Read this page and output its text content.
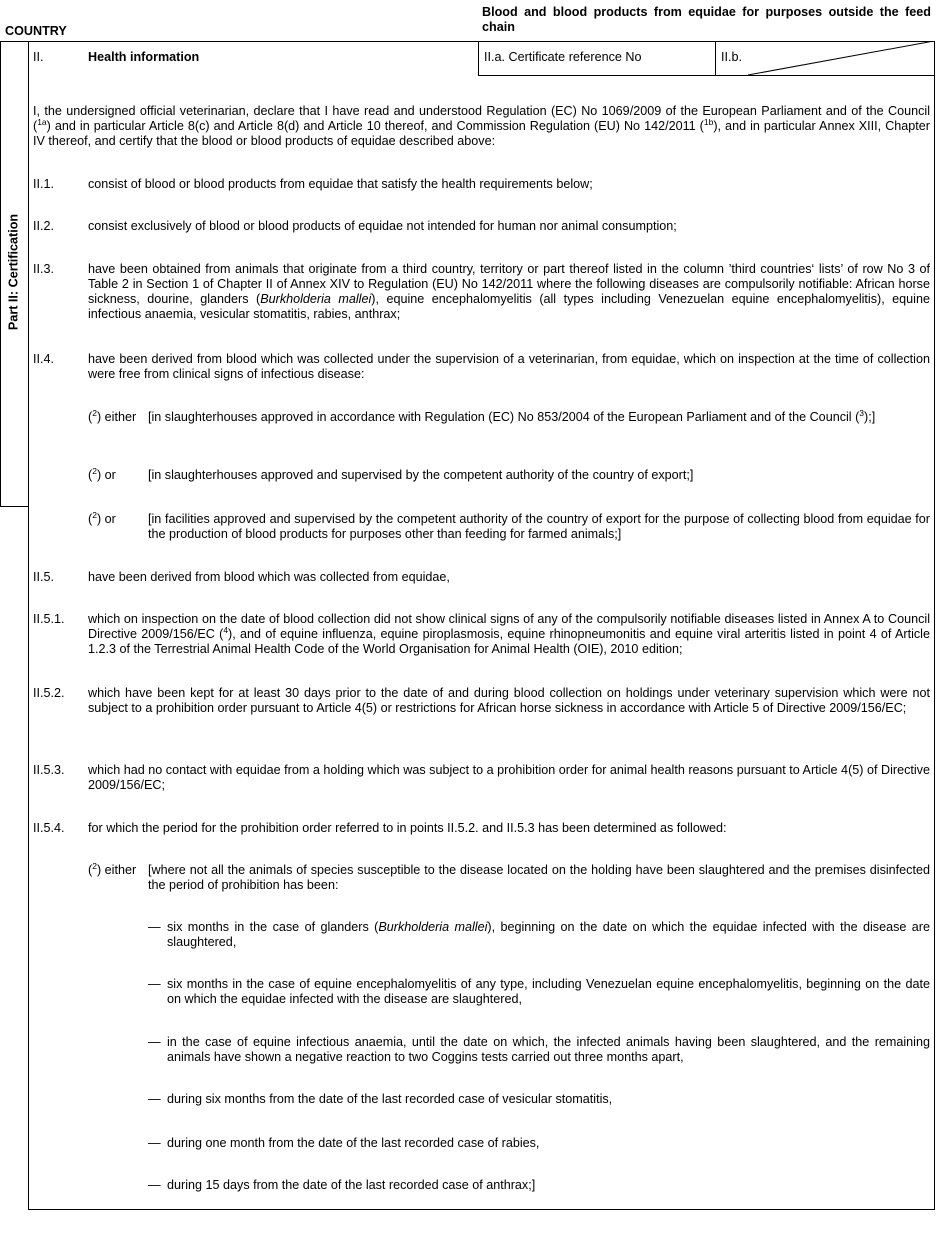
COUNTRY
Blood and blood products from equidae for purposes outside the feed chain
Part II: Certification
II.	Health information	II.a. Certificate reference No	II.b.
I, the undersigned official veterinarian, declare that I have read and understood Regulation (EC) No 1069/2009 of the European Parliament and of the Council ($^{1a}$) and in particular Article 8(c) and Article 8(d) and Article 10 thereof, and Commission Regulation (EU) No 142/2011 ($^{1b}$), and in particular Annex XIII, Chapter IV thereof, and certify that the blood or blood products of equidae described above:
II.1.	consist of blood or blood products from equidae that satisfy the health requirements below;
II.2.	consist exclusively of blood or blood products of equidae not intended for human nor animal consumption;
II.3.	have been obtained from animals that originate from a third country, territory or part thereof listed in the column ’third countries‘ lists’ of row No 3 of Table 2 in Section 1 of Chapter II of Annex XIV to Regulation (EU) No 142/2011 where the following diseases are compulsorily notifiable: African horse sickness, dourine, glanders (Burkholderia mallei), equine encephalomyelitis (all types including Venezuelan equine encephalomyelitis), equine infectious anaemia, vesicular stomatitis, rabies, anthrax;
II.4.	have been derived from blood which was collected under the supervision of a veterinarian, from equidae, which on inspection at the time of collection were free from clinical signs of infectious disease:
($^2$) either [in slaughterhouses approved in accordance with Regulation (EC) No 853/2004 of the European Parliament and of the Council ($^3$);]
($^2$) or	[in slaughterhouses approved and supervised by the competent authority of the country of export;]
($^2$) or	[in facilities approved and supervised by the competent authority of the country of export for the purpose of collecting blood from equidae for the production of blood products for purposes other than feeding for farmed animals;]
II.5.	have been derived from blood which was collected from equidae,
II.5.1. which on inspection on the date of blood collection did not show clinical signs of any of the compulsorily notifiable diseases listed in Annex A to Council Directive 2009/156/EC ($^4$), and of equine influenza, equine piroplasmosis, equine rhinopneumonitis and equine viral arteritis listed in point 4 of Article 1.2.3 of the Terrestrial Animal Health Code of the World Organisation for Animal Health (OIE), 2010 edition;
II.5.2. which have been kept for at least 30 days prior to the date of and during blood collection on holdings under veterinary supervision which were not subject to a prohibition order pursuant to Article 4(5) or restrictions for African horse sickness in accordance with Article 5 of Directive 2009/156/EC;
II.5.3. which had no contact with equidae from a holding which was subject to a prohibition order for animal health reasons pursuant to Article 4(5) of Directive 2009/156/EC;
II.5.4. for which the period for the prohibition order referred to in points II.5.2. and II.5.3 has been determined as followed:
($^2$) either [where not all the animals of species susceptible to the disease located on the holding have been slaughtered and the premises disinfected the period of prohibition has been:
— six months in the case of glanders (Burkholderia mallei), beginning on the date on which the equidae infected with the disease are slaughtered,
— six months in the case of equine encephalomyelitis of any type, including Venezuelan equine encephalomyelitis, beginning on the date on which the equidae infected with the disease are slaughtered,
— in the case of equine infectious anaemia, until the date on which, the infected animals having been slaughtered, and the remaining animals have shown a negative reaction to two Coggins tests carried out three months apart,
— during six months from the date of the last recorded case of vesicular stomatitis,
— during one month from the date of the last recorded case of rabies,
— during 15 days from the date of the last recorded case of anthrax;]
